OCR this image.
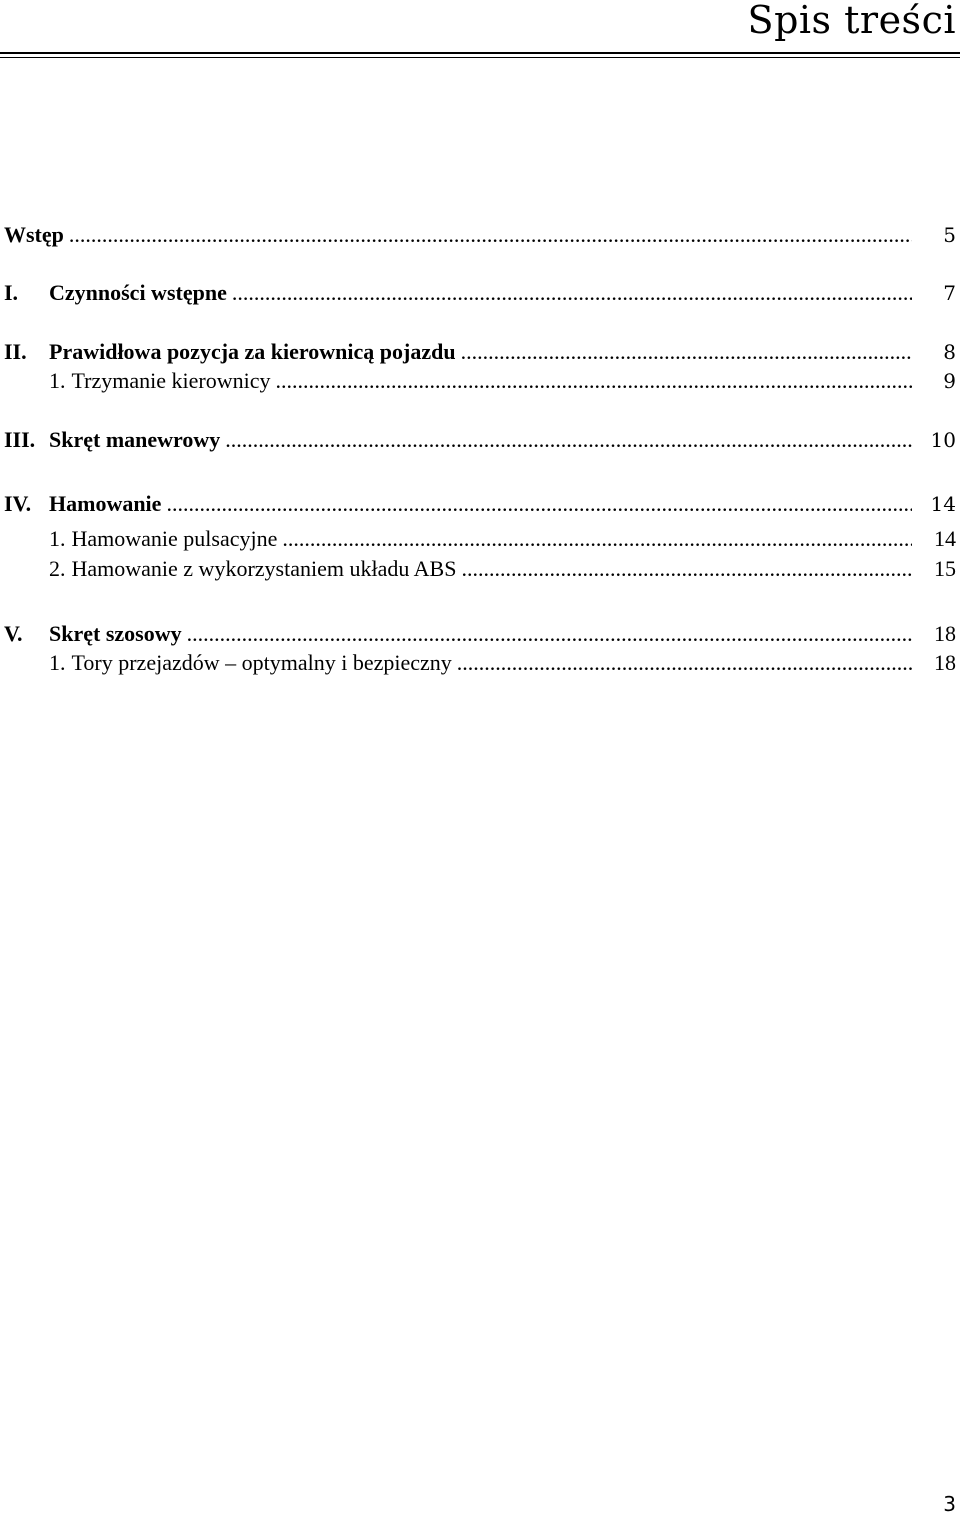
Spis treści
Wstęp .....	5
I.	Czynności wstępne .....	7
II.	Prawidłowa pozycja za kierownicą pojazdu .....	8
1. Trzymanie kierownicy .....	9
III. Skręt manewrowy .....	10
IV. Hamowanie .....	14
1. Hamowanie pulsacyjne .....	14
2. Hamowanie z wykorzystaniem układu ABS .....	15
V.	Skręt szosowy .....	18
1. Tory przejazdów – optymalny i bezpieczny .....	18
3
